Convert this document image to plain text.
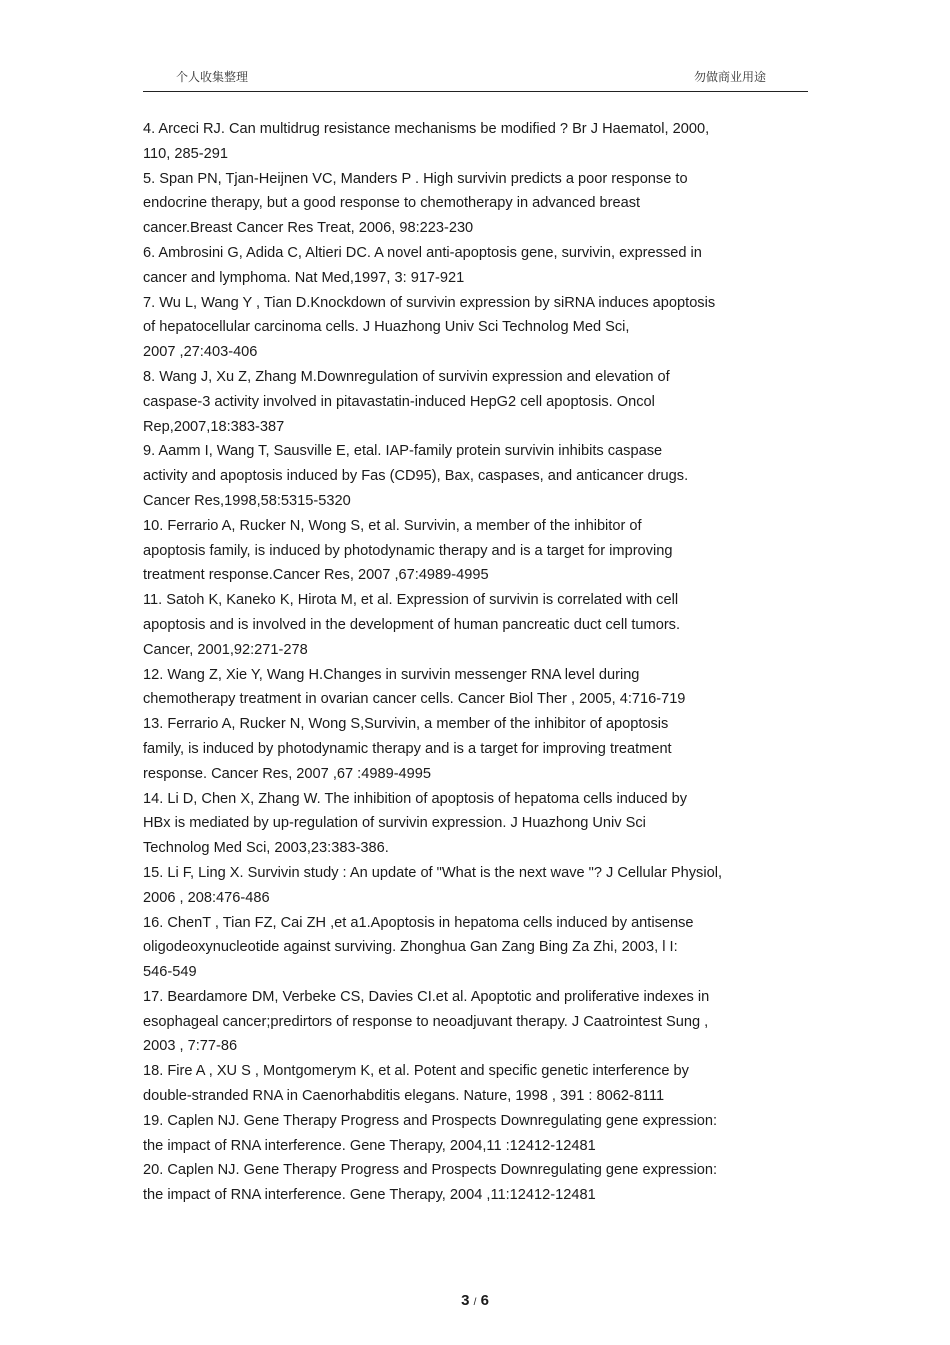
个人收集整理	勿做商业用途
4. Arceci RJ. Can multidrug resistance mechanisms be modified ? Br J Haematol, 2000,
110, 285-291
5. Span PN, Tjan-Heijnen VC, Manders P . High survivin predicts a poor response to
endocrine therapy, but a good response to chemotherapy in advanced breast
cancer.Breast Cancer Res Treat, 2006, 98:223-230
6. Ambrosini G, Adida C, Altieri DC. A novel anti-apoptosis gene, survivin, expressed in
cancer and lymphoma. Nat Med,1997, 3: 917-921
7. Wu L, Wang Y , Tian D.Knockdown of survivin expression by siRNA induces apoptosis
of hepatocellular carcinoma cells. J Huazhong Univ Sci Technolog Med Sci,
2007 ,27:403-406
8. Wang J, Xu Z, Zhang M.Downregulation of survivin expression and elevation of
caspase-3 activity involved in pitavastatin-induced HepG2 cell apoptosis. Oncol
Rep,2007,18:383-387
9. Aamm I, Wang T, Sausville E, etal. IAP-family protein survivin inhibits caspase
activity and apoptosis induced by Fas (CD95), Bax, caspases, and anticancer drugs.
Cancer Res,1998,58:5315-5320
10. Ferrario A, Rucker N, Wong S, et al. Survivin, a member of the inhibitor of
apoptosis family, is induced by photodynamic therapy and is a target for improving
treatment response.Cancer Res, 2007 ,67:4989-4995
11. Satoh K, Kaneko K, Hirota M, et al. Expression of survivin is correlated with cell
apoptosis and is involved in the development of human pancreatic duct cell tumors.
Cancer, 2001,92:271-278
12. Wang Z, Xie Y, Wang H.Changes in survivin messenger RNA level during
chemotherapy treatment in ovarian cancer cells. Cancer Biol Ther , 2005, 4:716-719
13. Ferrario A, Rucker N, Wong S,Survivin, a member of the inhibitor of apoptosis
family, is induced by photodynamic therapy and is a target for improving treatment
response. Cancer Res, 2007 ,67 :4989-4995
14. Li D, Chen X, Zhang W. The inhibition of apoptosis of hepatoma cells induced by
HBx is mediated by up-regulation of survivin expression. J Huazhong Univ Sci
Technolog Med Sci, 2003,23:383-386.
15. Li F, Ling X. Survivin study : An update of "What is the next wave "? J Cellular Physiol,
2006 , 208:476-486
16. ChenT , Tian FZ, Cai ZH ,et a1.Apoptosis in hepatoma cells induced by antisense
oligodeoxynucleotide against surviving. Zhonghua Gan Zang Bing Za Zhi, 2003, l I:
546-549
17. Beardamore DM, Verbeke CS, Davies CI.et al. Apoptotic and proliferative indexes in
esophageal cancer;predirtors of response to neoadjuvant therapy. J Caatrointest Sung ,
2003 , 7:77-86
18. Fire A , XU S , Montgomerym K, et al. Potent and specific genetic interference by
double-stranded RNA in Caenorhabditis elegans. Nature, 1998 , 391 : 8062-8111
19. Caplen NJ. Gene Therapy Progress and Prospects Downregulating gene expression:
the impact of RNA interference. Gene Therapy, 2004,11 :12412-12481
20. Caplen NJ. Gene Therapy Progress and Prospects Downregulating gene expression:
the impact of RNA interference. Gene Therapy, 2004 ,11:12412-12481
3 / 6
